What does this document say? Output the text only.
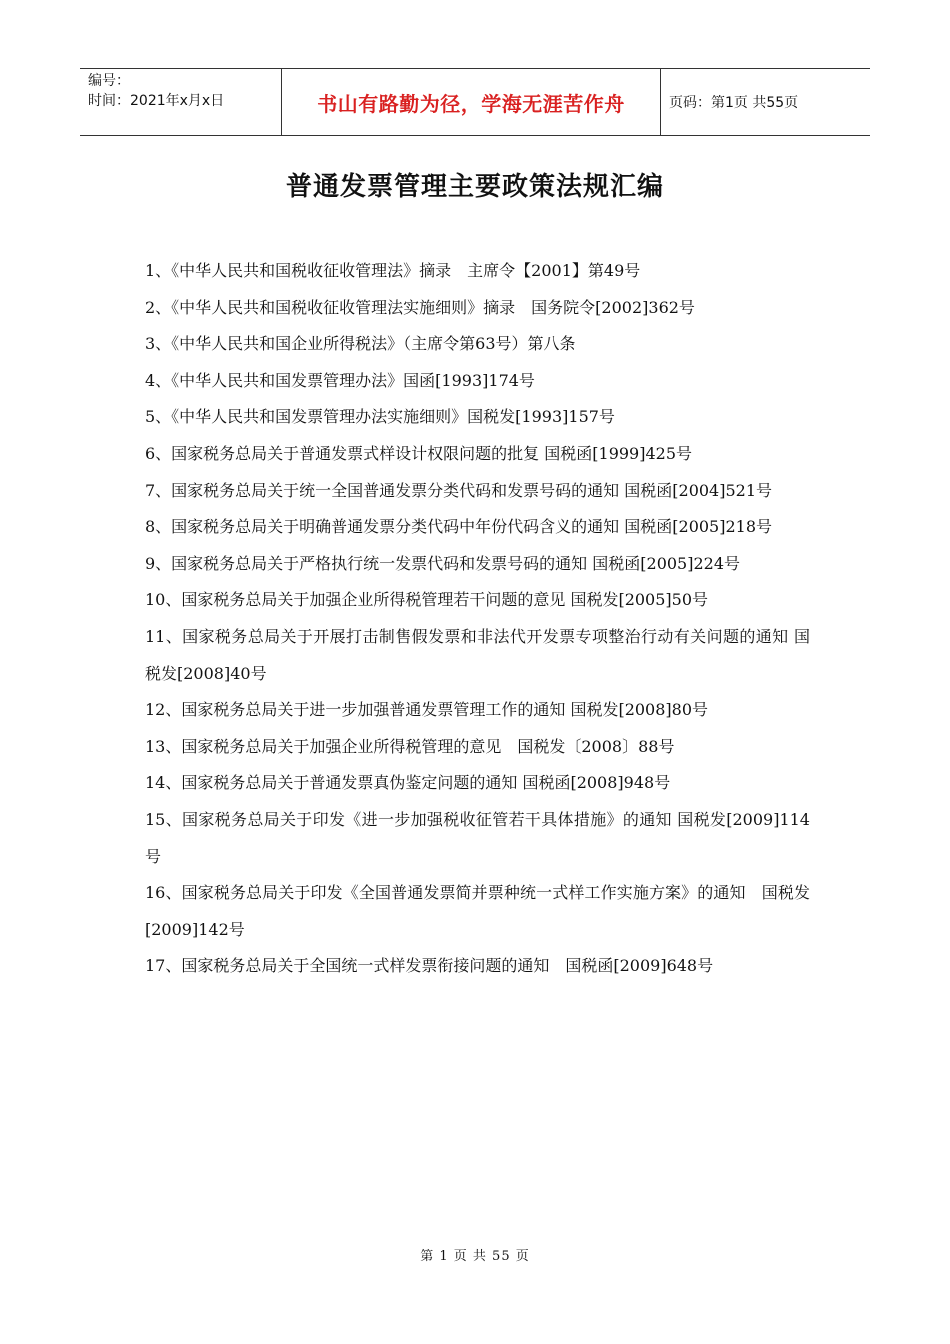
编号：
时间：2021年x月x日	书山有路勤为径，学海无涯苦作舟	页码：第1页 共55页
普通发票管理主要政策法规汇编

1、《中华人民共和国税收征收管理法》摘录　主席令【2001】第49号

2、《中华人民共和国税收征收管理法实施细则》摘录　国务院令[2002]362号

3、《中华人民共和国企业所得税法》（主席令第63号）第八条

4、《中华人民共和国发票管理办法》国函[1993]174号

5、《中华人民共和国发票管理办法实施细则》国税发[1993]157号

6、国家税务总局关于普通发票式样设计权限问题的批复 国税函[1999]425号

7、国家税务总局关于统一全国普通发票分类代码和发票号码的通知 国税函[2004]521号

8、国家税务总局关于明确普通发票分类代码中年份代码含义的通知 国税函[2005]218号

9、国家税务总局关于严格执行统一发票代码和发票号码的通知 国税函[2005]224号

10、国家税务总局关于加强企业所得税管理若干问题的意见 国税发[2005]50号

11、国家税务总局关于开展打击制售假发票和非法代开发票专项整治行动有关问题的通知 国税发[2008]40号

12、国家税务总局关于进一步加强普通发票管理工作的通知 国税发[2008]80号

13、国家税务总局关于加强企业所得税管理的意见　国税发〔2008〕88号

14、国家税务总局关于普通发票真伪鉴定问题的通知 国税函[2008]948号

15、国家税务总局关于印发《进一步加强税收征管若干具体措施》的通知 国税发[2009]114号

16、国家税务总局关于印发《全国普通发票简并票种统一式样工作实施方案》的通知　国税发[2009]142号

17、国家税务总局关于全国统一式样发票衔接问题的通知　国税函[2009]648号

第 1 页 共 55 页
